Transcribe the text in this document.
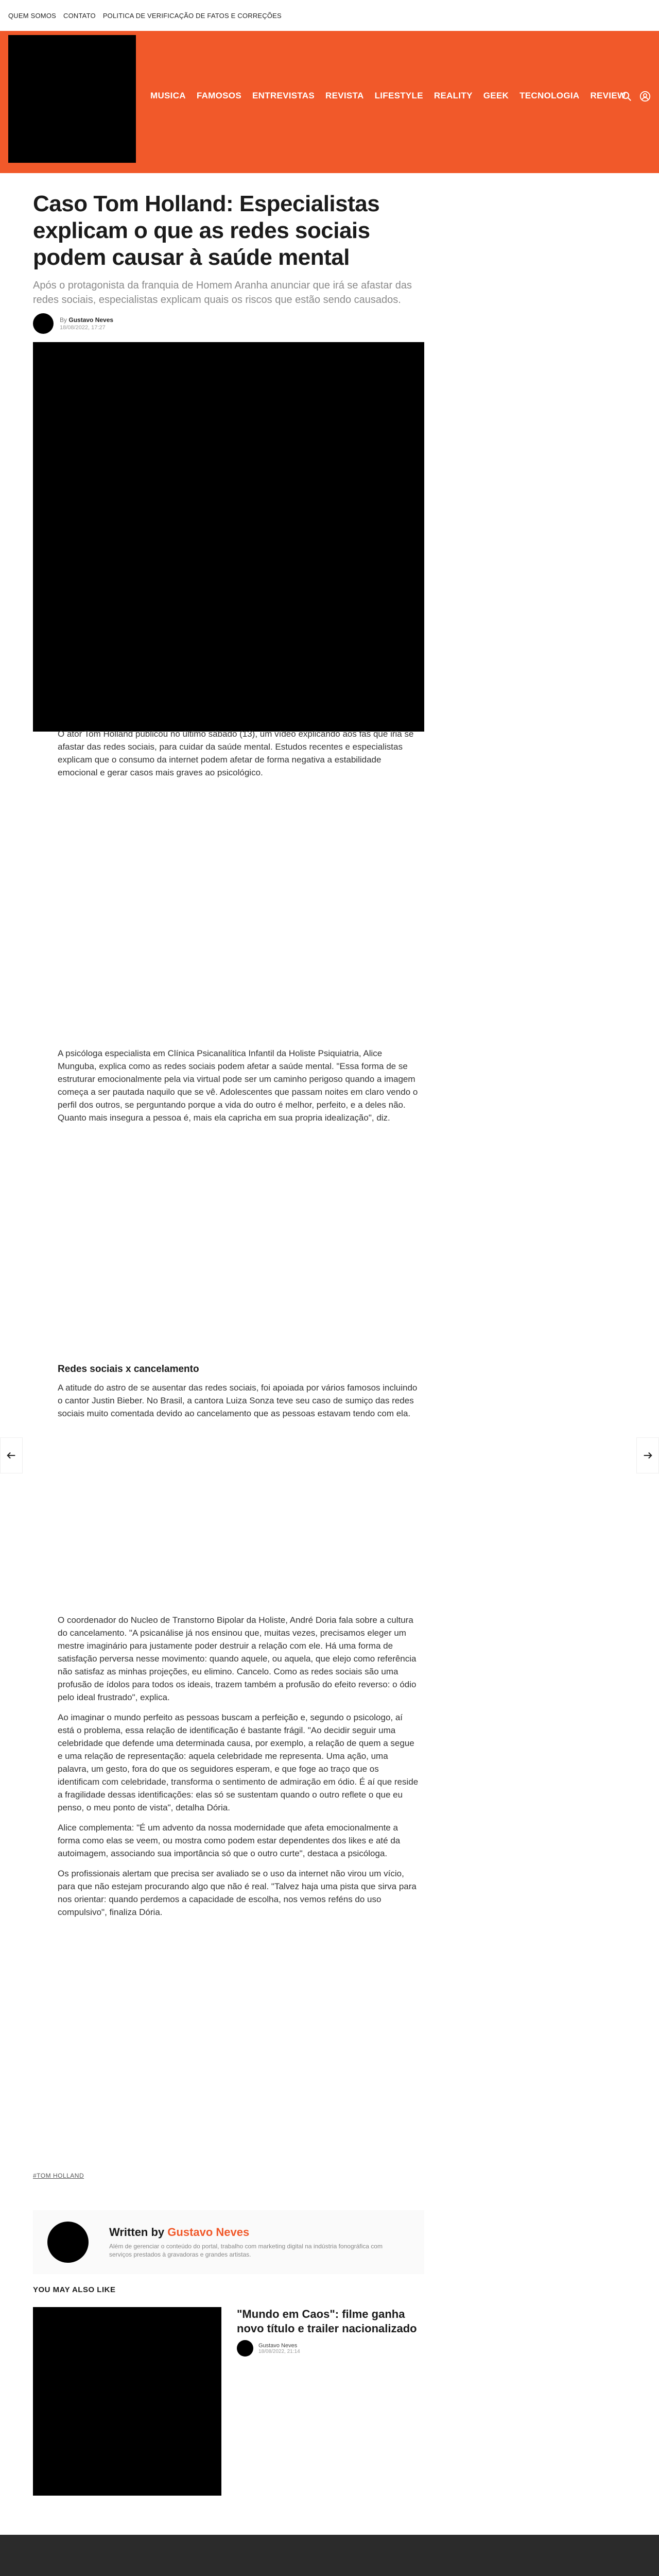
QUEM SOMOS CONTATO POLITICA DE VERIFICAÇÃO DE FATOS E CORREÇÕES
MUSICA FAMOSOS ENTREVISTAS REVISTA LIFESTYLE REALITY GEEK TECNOLOGIA REVIEW
Caso Tom Holland: Especialistas explicam o que as redes sociais podem causar à saúde mental

Após o protagonista da franquia de Homem Aranha anunciar que irá se afastar das redes sociais, especialistas explicam quais os riscos que estão sendo causados.

By Gustavo Neves
18/08/2022, 17:27

O ator Tom Holland publicou no último sábado (13), um vídeo explicando aos fãs que iria se afastar das redes sociais, para cuidar da saúde mental. Estudos recentes e especialistas explicam que o consumo da internet podem afetar de forma negativa a estabilidade emocional e gerar casos mais graves ao psicológico.

A psicóloga especialista em Clínica Psicanalítica Infantil da Holiste Psiquiatria, Alice Munguba, explica como as redes sociais podem afetar a saúde mental. "Essa forma de se estruturar emocionalmente pela via virtual pode ser um caminho perigoso quando a imagem começa a ser pautada naquilo que se vê. Adolescentes que passam noites em claro vendo o perfil dos outros, se perguntando porque a vida do outro é melhor, perfeito, e a deles não. Quanto mais insegura a pessoa é, mais ela capricha em sua propria idealização", diz.

Redes sociais x cancelamento

A atitude do astro de se ausentar das redes sociais, foi apoiada por vários famosos incluindo o cantor Justin Bieber. No Brasil, a cantora Luiza Sonza teve seu caso de sumiço das redes sociais muito comentada devido ao cancelamento que as pessoas estavam tendo com ela.

O coordenador do Nucleo de Transtorno Bipolar da Holiste, André Doria fala sobre a cultura do cancelamento. "A psicanálise já nos ensinou que, muitas vezes, precisamos eleger um mestre imaginário para justamente poder destruir a relação com ele. Há uma forma de satisfação perversa nesse movimento: quando aquele, ou aquela, que elejo como referência não satisfaz as minhas projeções, eu elimino. Cancelo. Como as redes sociais são uma profusão de ídolos para todos os ideais, trazem também a profusão do efeito reverso: o ódio pelo ideal frustrado", explica.

Ao imaginar o mundo perfeito as pessoas buscam a perfeição e, segundo o psicologo, aí está o problema, essa relação de identificação é bastante frágil. "Ao decidir seguir uma celebridade que defende uma determinada causa, por exemplo, a relação de quem a segue e uma relação de representação: aquela celebridade me representa. Uma ação, uma palavra, um gesto, fora do que os seguidores esperam, e que foge ao traço que os identificam com celebridade, transforma o sentimento de admiração em ódio. É aí que reside a fragilidade dessas identificações: elas só se sustentam quando o outro reflete o que eu penso, o meu ponto de vista", detalha Dória.

Alice complementa: "É um advento da nossa modernidade que afeta emocionalmente a forma como elas se veem, ou mostra como podem estar dependentes dos likes e até da autoimagem, associando sua importância só que o outro curte", destaca a psicóloga.

Os profissionais alertam que precisa ser avaliado se o uso da internet não virou um vício, para que não estejam procurando algo que não é real. "Talvez haja uma pista que sirva para nos orientar: quando perdemos a capacidade de escolha, nos vemos reféns do uso compulsivo", finaliza Dória.

#TOM HOLLAND
Written by Gustavo Neves

Além de gerenciar o conteúdo do portal, trabalho com marketing digital na indústria fonográfica com serviços prestados à gravadoras e grandes artistas.

YOU MAY ALSO LIKE
"Mundo em Caos": filme ganha novo título e trailer nacionalizado
Gustavo Neves
18/08/2022, 21:14
